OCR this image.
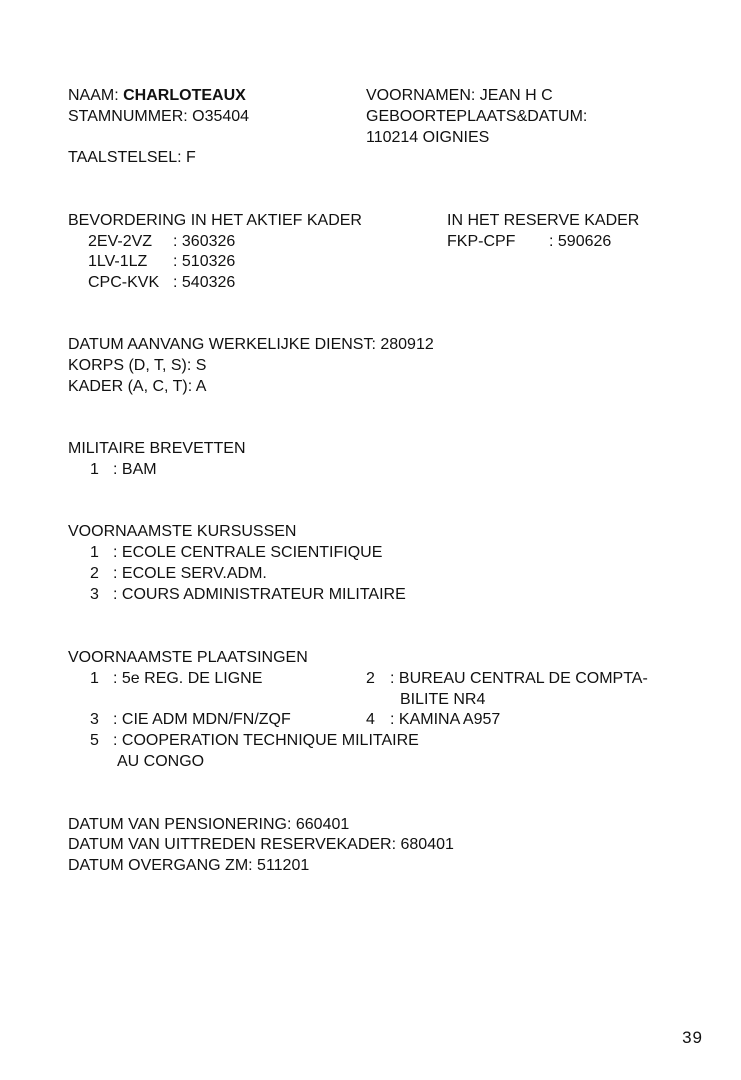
NAAM: CHARLOTEAUX
STAMNUMMER: O35404
TAALSTELSEL: F
VOORNAMEN: JEAN H C
GEBOORTEPLAATS&DATUM:
110214 OIGNIES
BEVORDERING IN HET AKTIEF KADER
2EV-2VZ : 360326
1LV-1LZ : 510326
CPC-KVK : 540326
IN HET RESERVE KADER
FKP-CPF : 590626
DATUM AANVANG WERKELIJKE DIENST: 280912
KORPS (D, T, S): S
KADER (A, C, T): A
MILITAIRE BREVETTEN
1 : BAM
VOORNAAMSTE KURSUSSEN
1 : ECOLE CENTRALE SCIENTIFIQUE
2 : ECOLE SERV.ADM.
3 : COURS ADMINISTRATEUR MILITAIRE
VOORNAAMSTE PLAATSINGEN
1 : 5e REG. DE LIGNE	2 : BUREAU CENTRAL DE COMPTA-
BILITE NR4
3 : CIE ADM MDN/FN/ZQF	4 : KAMINA A957
5 : COOPERATION TECHNIQUE MILITAIRE
AU CONGO
DATUM VAN PENSIONERING: 660401
DATUM VAN UITTREDEN RESERVEKADER: 680401
DATUM OVERGANG ZM: 511201
39
